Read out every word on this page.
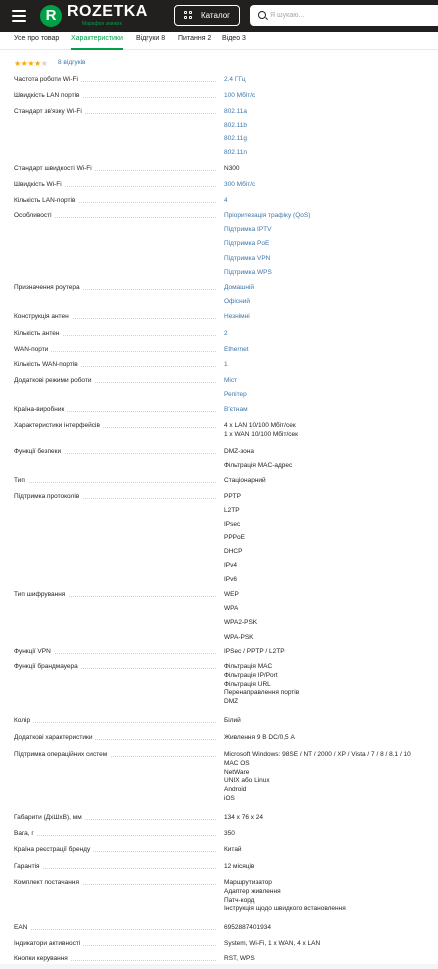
R ROZETKA
Марафон знижок
Каталог
Я шукаю...
Усе про товар Характеристики Відгуки 8 Питання 2 Відео 3
★★★★★ 8 відгуків
Частота роботи Wi-Fi	2.4 ГГц
Швидкість LAN портів	100 Мбіт/с
Стандарт зв'язку Wi-Fi	802.11a
802.11b
802.11g
802.11n
Стандарт швидкості Wi-Fi	N300
Швидкість Wi-Fi	300 Мбіт/с
Кількість LAN-портів	4
Особливості	Пріоритезація трафіку (QoS)
Підтримка IPTV
Підтримка PoE
Підтримка VPN
Підтримка WPS
Призначення роутера	Домашній
Офісний
Конструкція антен	Незнімні
Кількість антен	2
WAN-порти	Ethernet
Кількість WAN-портів	1
Додаткові режими роботи	Міст
Репітер
Країна-виробник	В'єтнам
Характеристики інтерфейсів	4 x LAN 10/100 Мбіт/сек
1 x WAN 10/100 Мбіт/сек
Функції безпеки	DMZ-зона
Фільтрація MAC-адрес
Тип	Стаціонарний
Підтримка протоколів	PPTP
L2TP
IPsec
PPPoE
DHCP
IPv4
IPv6
Тип шифрування	WEP
WPA
WPA2-PSK
WPA-PSK
Функції VPN	IPSec / PPTP / L2TP
Функції брандмауера	Фільтрація MAC
Фільтрація IP/Port
Фільтрація URL
Перенаправлення портів
DMZ
Колір	Білий
Додаткові характеристики	Живлення 9 В DC/0,5 А
Підтримка операційних систем	Microsoft Windows: 98SE / NT / 2000 / XP / Vista / 7 / 8 / 8.1 / 10
MAC OS
NetWare
UNIX або Linux
Android
iOS
Габарити (ДхШхВ), мм	134 x 76 x 24
Вага, г	350
Країна реєстрації бренду	Китай
Гарантія	12 місяців
Комплект постачання	Маршрутизатор
Адаптер живлення
Патч-корд
Інструкція щодо швидкого встановлення
EAN	6952887401934
Індикатори активності	System, Wi-Fi, 1 x WAN, 4 x LAN
Кнопки керування	RST, WPS
